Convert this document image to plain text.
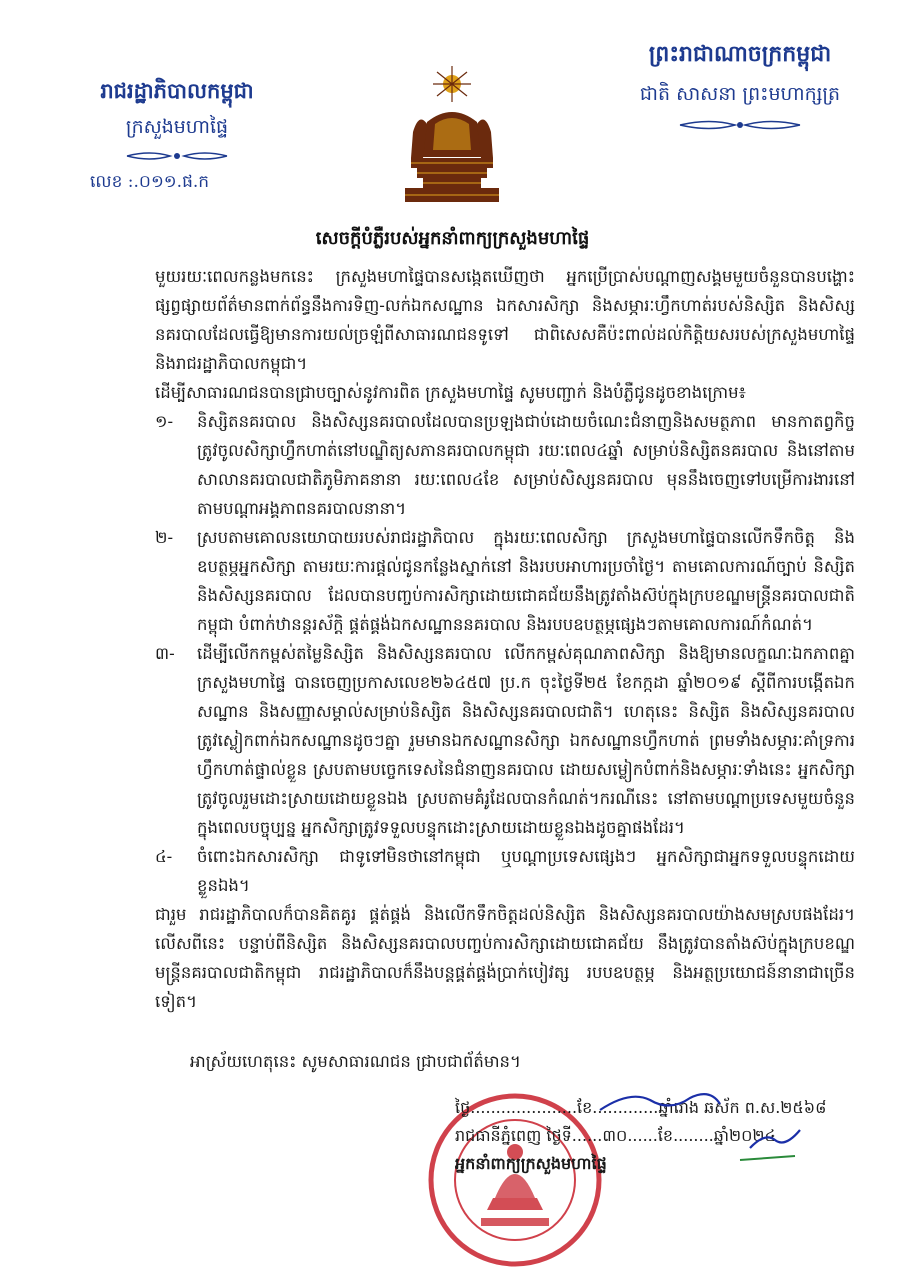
ព្រះរាជាណាចក្រកម្ពុជា
ជាតិ សាសនា ព្រះមហាក្សត្រ
រាជរដ្ឋាភិបាលកម្ពុជា
ក្រសួងមហាផ្ទៃ
លេខ :.០១១.ផ.ក
សេចក្តីបំភ្លឺរបស់អ្នកនាំពាក្យក្រសួងមហាផ្ទៃ

មួយរយៈពេលកន្លងមកនេះ ក្រសួងមហាផ្ទៃបានសង្កេតឃើញថា អ្នកប្រើប្រាស់បណ្តាញសង្គមមួយចំនួនបានបង្ហោះផ្សព្វផ្សាយព័ត៌មានពាក់ព័ន្ធនឹងការទិញ-លក់ឯកសណ្ឋាន ឯកសារសិក្សា និងសម្ភារៈហ្វឹកហាត់របស់និស្សិត និងសិស្សនគរបាលដែលធ្វើឱ្យមានការយល់ច្រឡំពីសាធារណជនទូទៅ ជាពិសេសគឺប៉ះពាល់ដល់កិត្តិយសរបស់ក្រសួងមហាផ្ទៃ និងរាជរដ្ឋាភិបាលកម្ពុជា។

ដើម្បីសាធារណជនបានជ្រាបច្បាស់នូវការពិត ក្រសួងមហាផ្ទៃ សូមបញ្ជាក់ និងបំភ្លឺជូនដូចខាងក្រោម៖

១-	និស្សិតនគរបាល និងសិស្សនគរបាលដែលបានប្រឡងជាប់ដោយចំណេះជំនាញនិងសមត្ថភាព មានកាតព្វកិច្ចត្រូវចូលសិក្សាហ្វឹកហាត់នៅបណ្ឌិត្យសភានគរបាលកម្ពុជា រយៈពេល៤ឆ្នាំ សម្រាប់និស្សិតនគរបាល និងនៅតាមសាលានគរបាលជាតិភូមិភាគនានា រយៈពេល៤ខែ សម្រាប់សិស្សនគរបាល មុននឹងចេញទៅបម្រើការងារនៅតាមបណ្តាអង្គភាពនគរបាលនានា។
២-	ស្របតាមគោលនយោបាយរបស់រាជរដ្ឋាភិបាល ក្នុងរយៈពេលសិក្សា ក្រសួងមហាផ្ទៃបានលើកទឹកចិត្ត និងឧបត្ថម្ភអ្នកសិក្សា តាមរយៈការផ្តល់ជូនកន្លែងស្នាក់នៅ និងរបបអាហារប្រចាំថ្ងៃ។ តាមគោលការណ៍ច្បាប់ និស្សិត និងសិស្សនគរបាល ដែលបានបញ្ចប់ការសិក្សាដោយជោគជ័យនឹងត្រូវតាំងស៊ប់ក្នុងក្របខណ្ឌមន្ត្រីនគរបាលជាតិកម្ពុជា បំពាក់ឋានន្តរស័ក្តិ ផ្គត់ផ្គង់ឯកសណ្ឋាននគរបាល និងរបបឧបត្ថម្ភផ្សេងៗតាមគោលការណ៍កំណត់។
៣-	ដើម្បីលើកកម្ពស់តម្លៃនិស្សិត និងសិស្សនគរបាល លើកកម្ពស់គុណភាពសិក្សា និងឱ្យមានលក្ខណៈឯកភាពគ្នា ក្រសួងមហាផ្ទៃ បានចេញប្រកាសលេខ២៦៤៥៧ ប្រ.ក ចុះថ្ងៃទី២៥ ខែកក្កដា ឆ្នាំ២០១៩ ស្តីពីការបង្កើតឯកសណ្ឋាន និងសញ្ញាសម្គាល់សម្រាប់និស្សិត និងសិស្សនគរបាលជាតិ។ ហេតុនេះ និស្សិត និងសិស្សនគរបាល ត្រូវស្លៀកពាក់ឯកសណ្ឋានដូចៗគ្នា រួមមានឯកសណ្ឋានសិក្សា ឯកសណ្ឋានហ្វឹកហាត់ ព្រមទាំងសម្ភារៈគាំទ្រការហ្វឹកហាត់ផ្ទាល់ខ្លួន ស្របតាមបច្ចេកទេសនៃជំនាញនគរបាល ដោយសម្លៀកបំពាក់និងសម្ភារៈទាំងនេះ អ្នកសិក្សាត្រូវចូលរួមដោះស្រាយដោយខ្លួនឯង ស្របតាមគំរូដែលបានកំណត់។ករណីនេះ នៅតាមបណ្តាប្រទេសមួយចំនួនក្នុងពេលបច្ចុប្បន្ន អ្នកសិក្សាត្រូវទទួលបន្ទុកដោះស្រាយដោយខ្លួនឯងដូចគ្នាផងដែរ។
៤-	ចំពោះឯកសារសិក្សា ជាទូទៅមិនថានៅកម្ពុជា ឬបណ្តាប្រទេសផ្សេងៗ អ្នកសិក្សាជាអ្នកទទួលបន្ទុកដោយខ្លួនឯង។

ជារួម រាជរដ្ឋាភិបាលក៏បានគិតគូរ ផ្គត់ផ្គង់ និងលើកទឹកចិត្តដល់និស្សិត និងសិស្សនគរបាលយ៉ាងសមស្របផងដែរ។ លើសពីនេះ បន្ទាប់ពីនិស្សិត និងសិស្សនគរបាលបញ្ចប់ការសិក្សាដោយជោគជ័យ នឹងត្រូវបានតាំងស៊ប់ក្នុងក្របខណ្ឌមន្ត្រីនគរបាលជាតិកម្ពុជា រាជរដ្ឋាភិបាលក៏នឹងបន្តផ្គត់ផ្គង់ប្រាក់បៀវត្ស របបឧបត្ថម្ភ និងអត្ថប្រយោជន៍នានាជាច្រើនទៀត។

អាស្រ័យហេតុនេះ សូមសាធារណជន ជ្រាបជាព័ត៌មាន។
ថ្ងៃ.....................ខែ.............ឆ្នាំរោង ឆស័ក ព.ស.២៥៦៨
រាជធានីភ្នំពេញ ថ្ងៃទី......៣០......ខែ........ឆ្នាំ២០២៤
អ្នកនាំពាក្យក្រសួងមហាផ្ទៃ
